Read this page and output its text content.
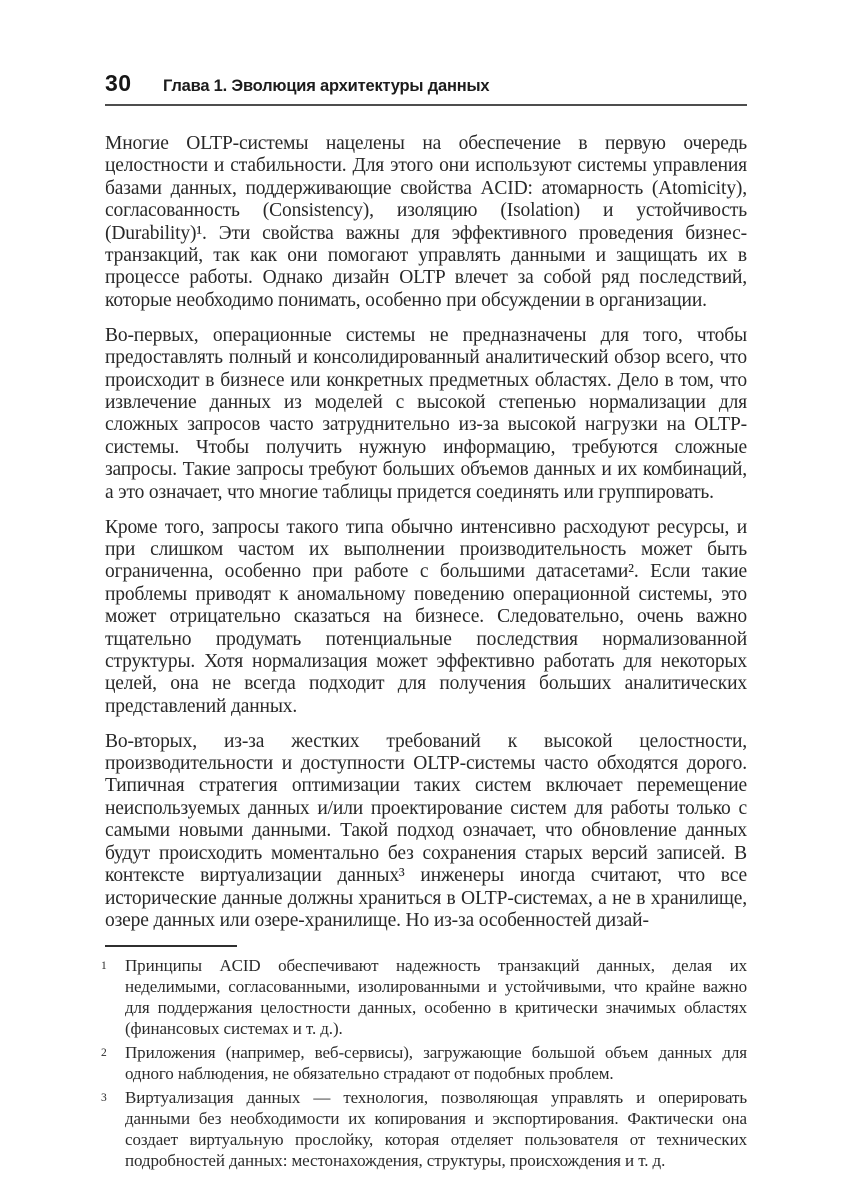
30	Глава 1. Эволюция архитектуры данных

Многие OLTP-системы нацелены на обеспечение в первую очередь целостности и стабильности. Для этого они используют системы управления базами данных, поддерживающие свойства ACID: атомарность (Atomicity), согласованность (Consistency), изоляцию (Isolation) и устойчивость (Durability)¹. Эти свойства важны для эффективного проведения бизнес-транзакций, так как они помогают управлять данными и защищать их в процессе работы. Однако дизайн OLTP влечет за собой ряд последствий, которые необходимо понимать, особенно при обсуждении в организации.

Во-первых, операционные системы не предназначены для того, чтобы предоставлять полный и консолидированный аналитический обзор всего, что происходит в бизнесе или конкретных предметных областях. Дело в том, что извлечение данных из моделей с высокой степенью нормализации для сложных запросов часто затруднительно из-за высокой нагрузки на OLTP-системы. Чтобы получить нужную информацию, требуются сложные запросы. Такие запросы требуют больших объемов данных и их комбинаций, а это означает, что многие таблицы придется соединять или группировать.

Кроме того, запросы такого типа обычно интенсивно расходуют ресурсы, и при слишком частом их выполнении производительность может быть ограниченна, особенно при работе с большими датасетами². Если такие проблемы приводят к аномальному поведению операционной системы, это может отрицательно сказаться на бизнесе. Следовательно, очень важно тщательно продумать потенциальные последствия нормализованной структуры. Хотя нормализация может эффективно работать для некоторых целей, она не всегда подходит для получения больших аналитических представлений данных.

Во-вторых, из-за жестких требований к высокой целостности, производительности и доступности OLTP-системы часто обходятся дорого. Типичная стратегия оптимизации таких систем включает перемещение неиспользуемых данных и/или проектирование систем для работы только с самыми новыми данными. Такой подход означает, что обновление данных будут происходить моментально без сохранения старых версий записей. В контексте виртуализации данных³ инженеры иногда считают, что все исторические данные должны храниться в OLTP-системах, а не в хранилище, озере данных или озере-хранилище. Но из-за особенностей дизай-

1	Принципы ACID обеспечивают надежность транзакций данных, делая их неделимыми, согласованными, изолированными и устойчивыми, что крайне важно для поддержания целостности данных, особенно в критически значимых областях (финансовых системах и т. д.).
2	Приложения (например, веб-сервисы), загружающие большой объем данных для одного наблюдения, не обязательно страдают от подобных проблем.
3	Виртуализация данных — технология, позволяющая управлять и оперировать данными без необходимости их копирования и экспортирования. Фактически она создает виртуальную прослойку, которая отделяет пользователя от технических подробностей данных: местонахождения, структуры, происхождения и т. д.
